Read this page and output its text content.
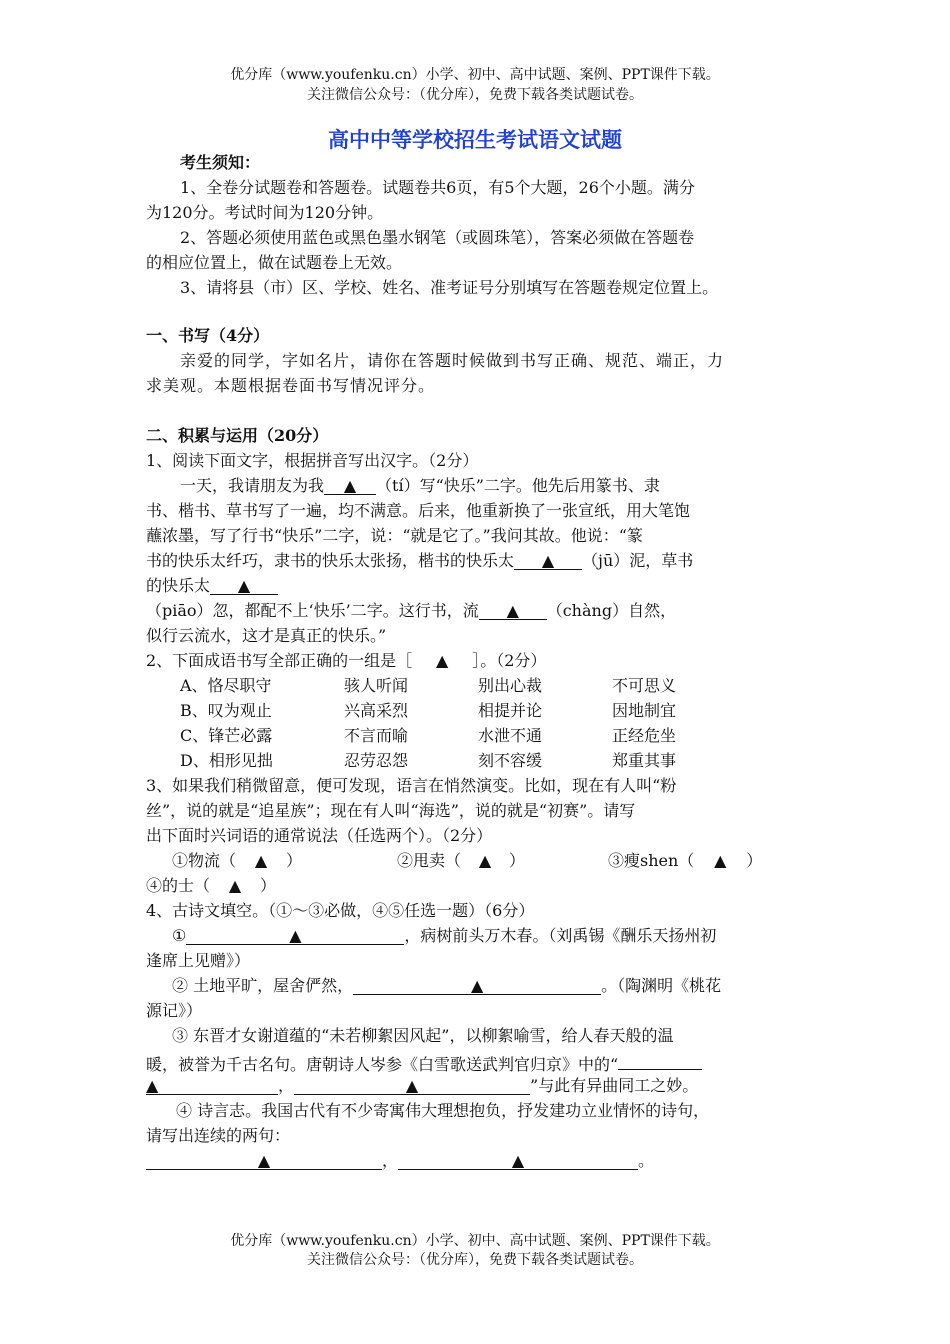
优分库（www.youfenku.cn）小学、初中、高中试题、案例、PPT课件下载。
关注微信公众号：（优分库），免费下载各类试题试卷。
高中中等学校招生考试语文试题
考生须知：
1、全卷分试题卷和答题卷。试题卷共6页，有5个大题，26个小题。满分
为120分。考试时间为120分钟。
2、答题必须使用蓝色或黑色墨水钢笔（或圆珠笔），答案必须做在答题卷
的相应位置上，做在试题卷上无效。
3、请将县（市）区、学校、姓名、准考证号分别填写在答题卷规定位置上。
一、书写（4分）
亲爱的同学，字如名片，请你在答题时候做到书写正确、规范、端正，力
求美观。本题根据卷面书写情况评分。
二、积累与运用（20分）
1、阅读下面文字，根据拼音写出汉字。（2分）
一天，我请朋友为我 ▲ （tí）写“快乐”二字。他先后用篆书、隶
书、楷书、草书写了一遍，均不满意。后来，他重新换了一张宣纸，用大笔饱
蘸浓墨，写了行书“快乐”二字，说：“就是它了。”我问其故。他说：“篆
书的快乐太纤巧，隶书的快乐太张扬，楷书的快乐太 ▲ （jū）泥，草书
的快乐太 ▲
（piāo）忽，都配不上‘快乐’二字。这行书，流 ▲ （chàng）自然，
似行云流水，这才是真正的快乐。”
2、下面成语书写全部正确的一组是［ ▲ ］。（2分）
A、恪尽职守	骇人听闻	别出心裁	不可思义
B、叹为观止	兴高采烈	相提并论	因地制宜
C、锋芒必露	不言而喻	水泄不通	正经危坐
D、相形见拙	忍劳忍怨	刻不容缓	郑重其事
3、如果我们稍微留意，便可发现，语言在悄然演变。比如，现在有人叫“粉
丝”，说的就是“追星族”；现在有人叫“海选”，说的就是“初赛”。请写
出下面时兴词语的通常说法（任选两个）。（2分）
①物流（ ▲ ）	②甩卖（ ▲ ）	③瘦shen（ ▲ ）
④的士（ ▲ ）
4、古诗文填空。（①～③必做，④⑤任选一题）（6分）
①	▲	，病树前头万木春。（刘禹锡《酬乐天扬州初
逢席上见赠》）
② 土地平旷，屋舍俨然，	▲	。（陶渊明《桃花
源记》）
③ 东晋才女谢道蕴的“未若柳絮因风起”，以柳絮喻雪，给人春天般的温
暖，被誉为千古名句。唐朝诗人岑参《白雪歌送武判官归京》中的“
▲	，	▲	”与此有异曲同工之妙。
④ 诗言志。我国古代有不少寄寓伟大理想抱负，抒发建功立业情怀的诗句，
请写出连续的两句：
▲	，	▲	。
优分库（www.youfenku.cn）小学、初中、高中试题、案例、PPT课件下载。
关注微信公众号：（优分库），免费下载各类试题试卷。
